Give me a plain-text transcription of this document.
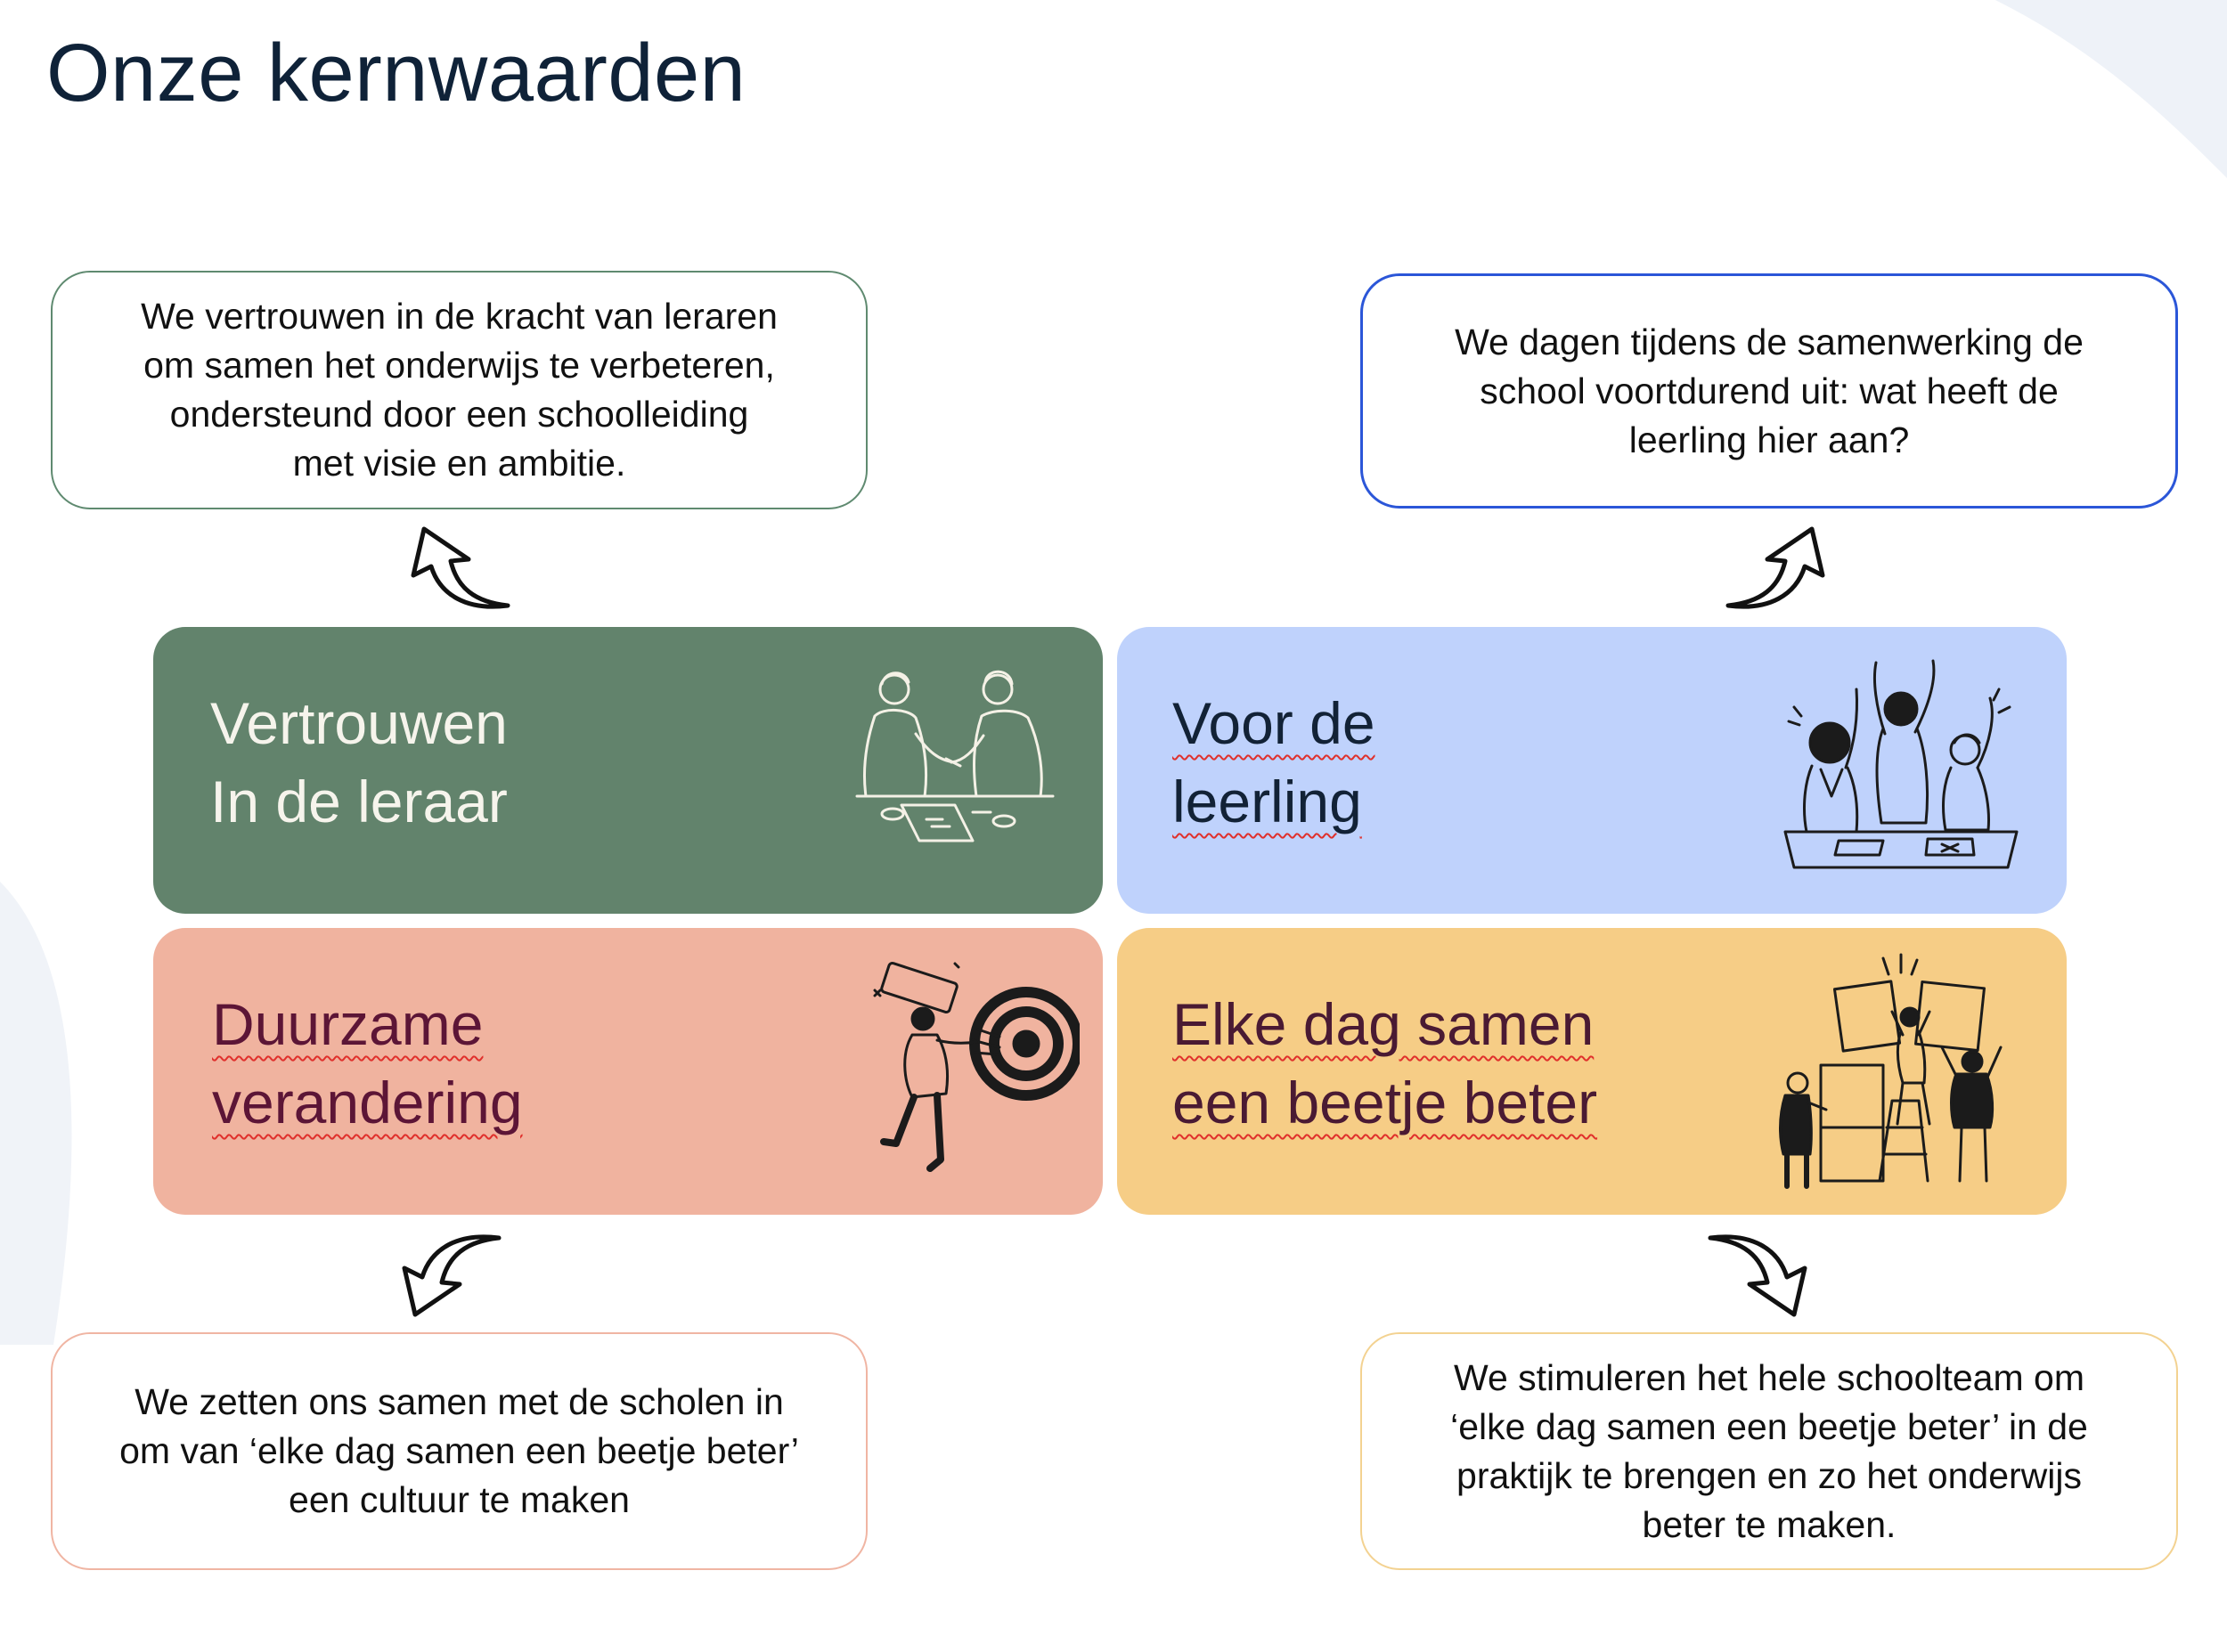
Onze kernwaarden
We vertrouwen in de kracht van leraren
om samen het onderwijs te verbeteren,
ondersteund door een schoolleiding
met visie en ambitie.
We dagen tijdens de samenwerking de
school voortdurend uit: wat heeft de
leerling hier aan?
We zetten ons samen met de scholen in
om van ‘elke dag samen een beetje beter’
een cultuur te maken
We stimuleren het hele schoolteam om
‘elke dag samen een beetje beter’ in de
praktijk te brengen en zo het onderwijs
beter te maken.
Vertrouwen
In de leraar
Voor de
leerling
Duurzame
verandering
Elke dag samen
een beetje beter
